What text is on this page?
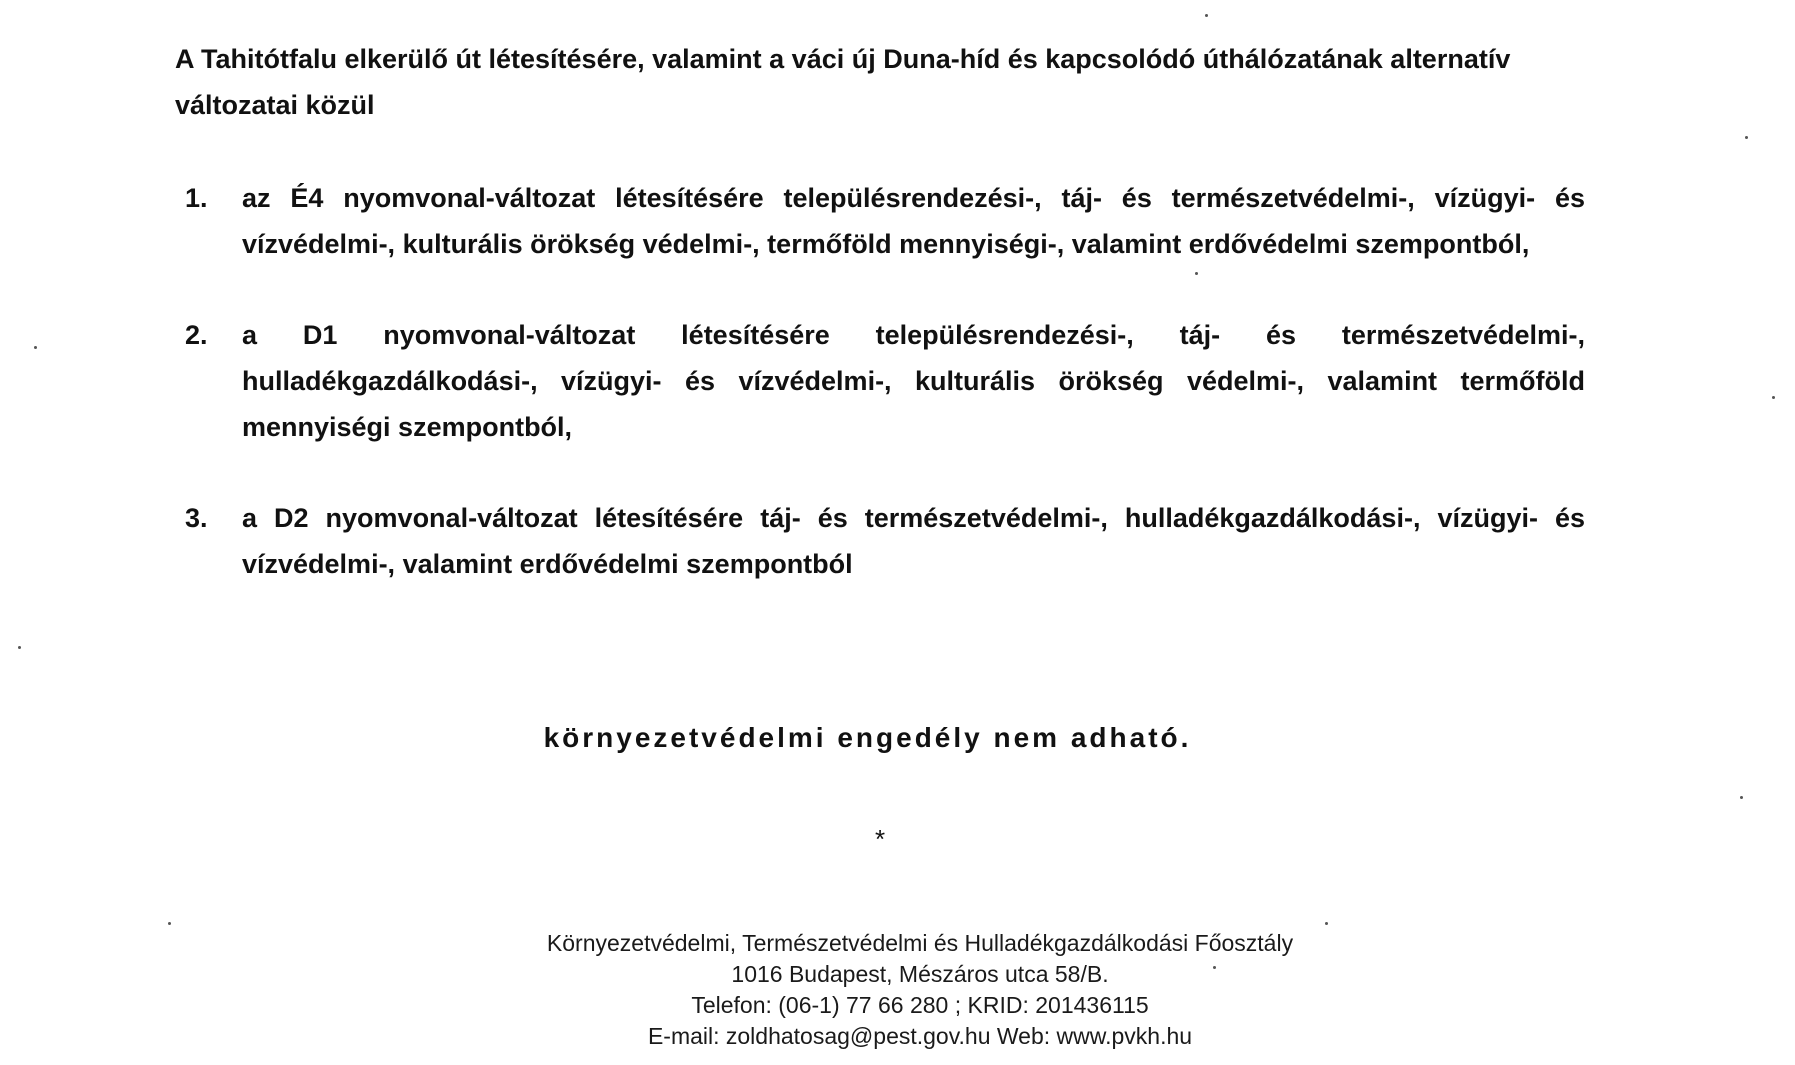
A Tahitótfalu elkerülő út létesítésére, valamint a váci új Duna-híd és kapcsolódó úthálózatának alternatív változatai közül

1.	az É4 nyomvonal-változat létesítésére településrendezési-, táj- és természetvédelmi-, vízügyi- és vízvédelmi-, kulturális örökség védelmi-, termőföld mennyiségi-, valamint erdővédelmi szempontból,
2.	a D1 nyomvonal-változat létesítésére településrendezési-, táj- és természetvédelmi-, hulladékgazdálkodási-, vízügyi- és vízvédelmi-, kulturális örökség védelmi-, valamint termőföld mennyiségi szempontból,
3.	a D2 nyomvonal-változat létesítésére táj- és természetvédelmi-, hulladékgazdálkodási-, vízügyi- és vízvédelmi-, valamint erdővédelmi szempontból

környezetvédelmi engedély nem adható.

*

Környezetvédelmi, Természetvédelmi és Hulladékgazdálkodási Főosztály
1016 Budapest, Mészáros utca 58/B.
Telefon: (06-1) 77 66 280 ; KRID: 201436115
E-mail: zoldhatosag@pest.gov.hu Web: www.pvkh.hu
